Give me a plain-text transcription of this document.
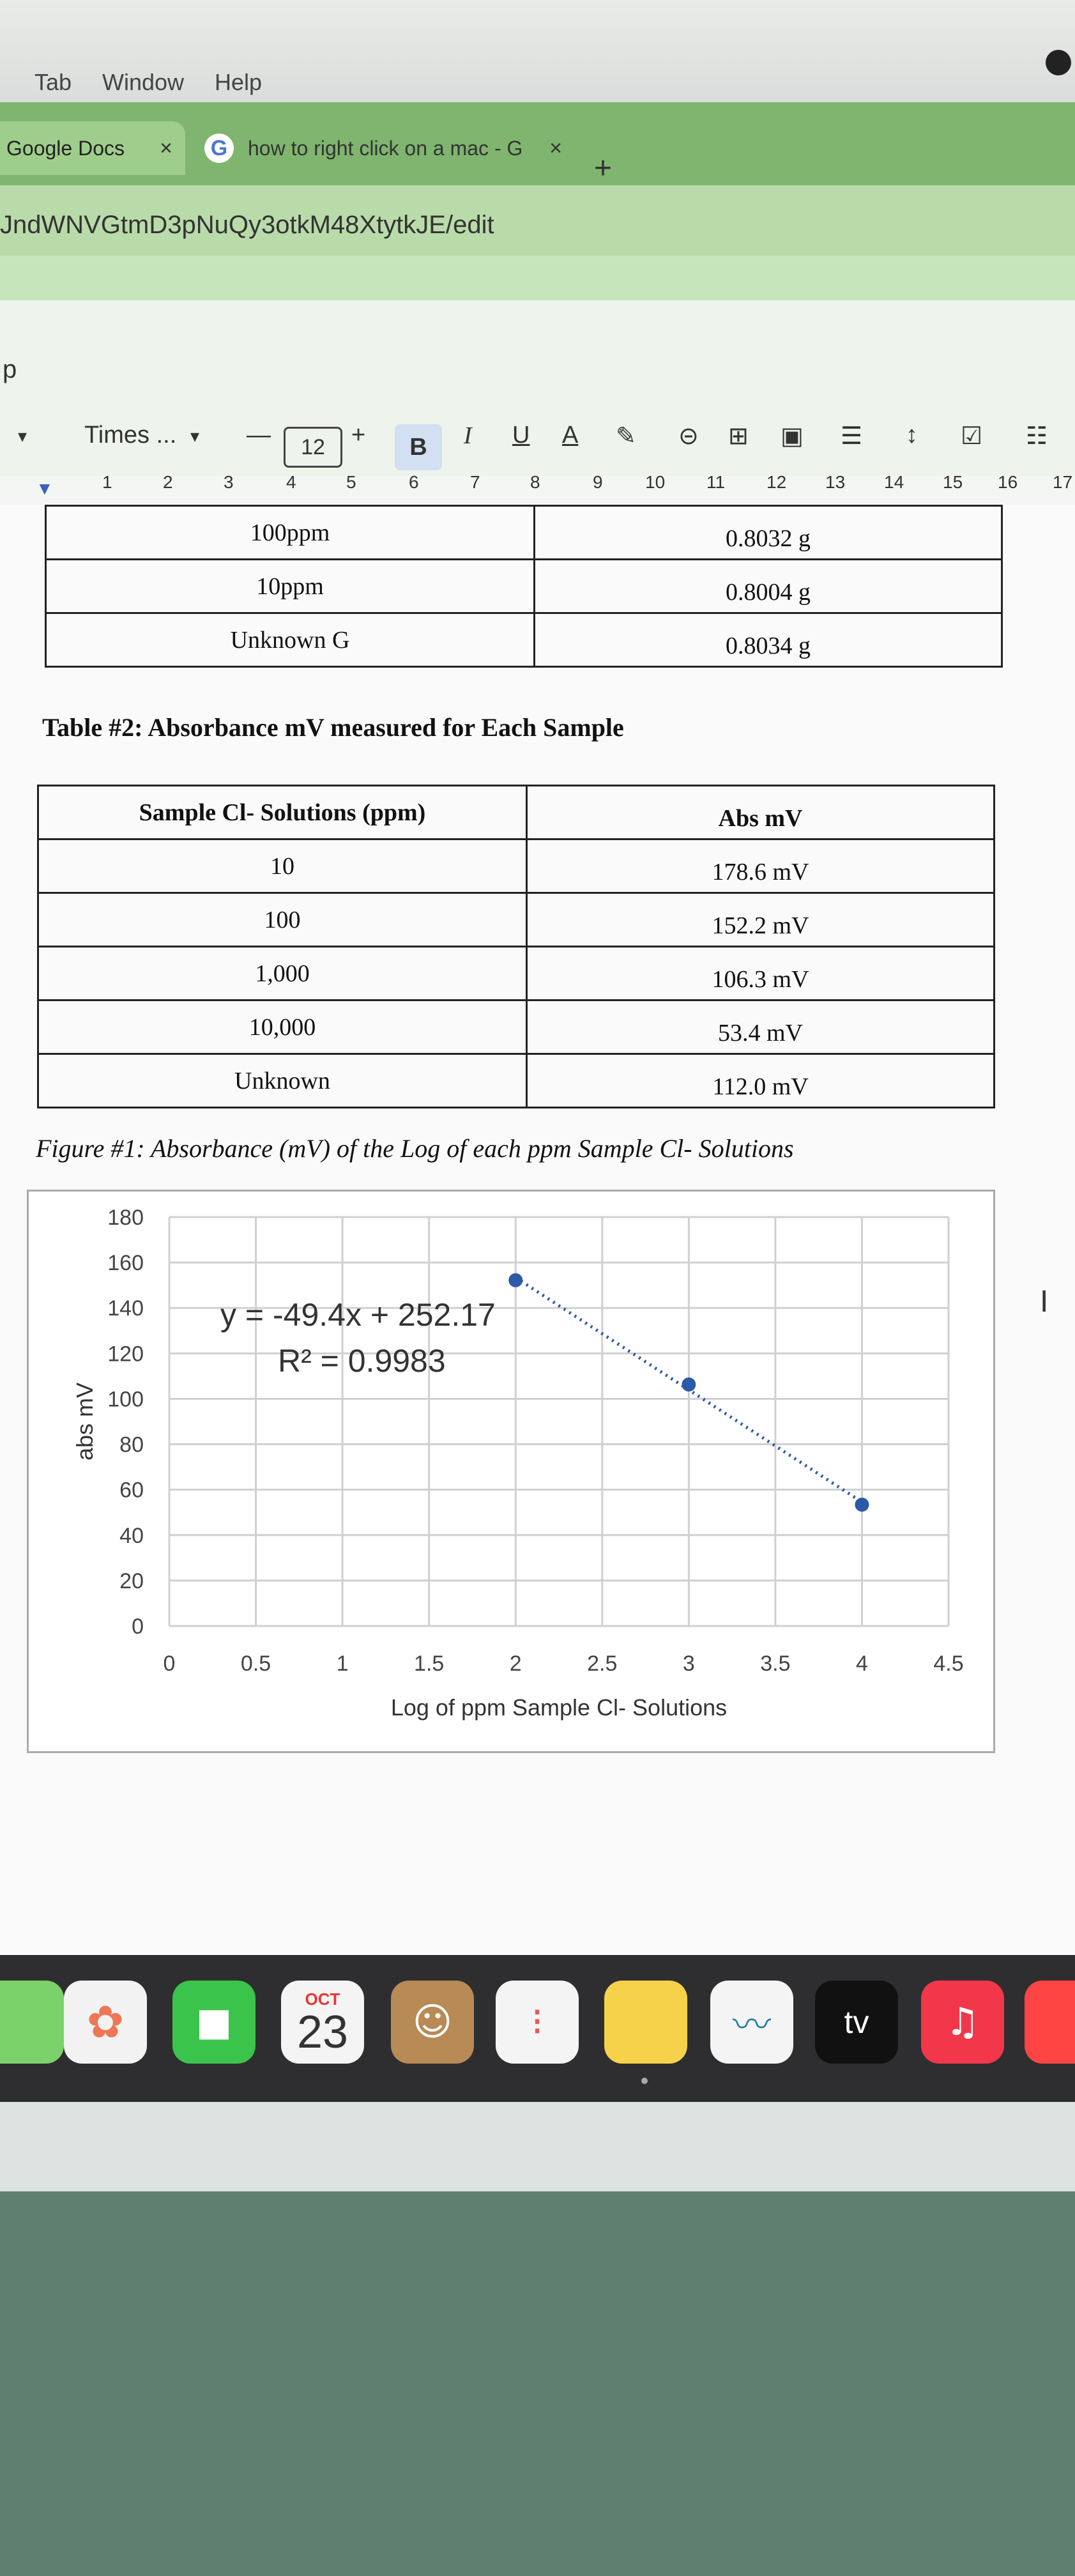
Tab Window Help
Google Docs × G how to right click on a mac - G ×
+
JndWNVGtmD3pNuQy3otkM48XtytkJE/edit
p
▾ Times ... ▾ —	12	+	B	I U A ✎ ⊝ ⊞ ▣ ☰ ↕ ☑ ☷
▼	1	2	3	4	5	6	7	8	9 10 11 12 13 14 15 16 17
100ppm	0.8032 g
10ppm	0.8004 g
Unknown G	0.8034 g
Table #2: Absorbance mV measured for Each Sample
Sample Cl- Solutions (ppm)	Abs mV
10	178.6 mV
100	152.2 mV
1,000	106.3 mV
10,000	53.4 mV
Unknown	112.0 mV
Figure #1: Absorbance (mV) of the Log of each ppm Sample Cl- Solutions
0
20
40
60
80
100
120
140
160
180
0	0.5	1	1.5	2	2.5	3	3.5	4	4.5
Log of ppm Sample Cl- Solutions
abs mV
y = -49.4x + 252.17
R² = 0.9983
I
✿	■
OCT
23	☺	⁝	〰	tv	♫
